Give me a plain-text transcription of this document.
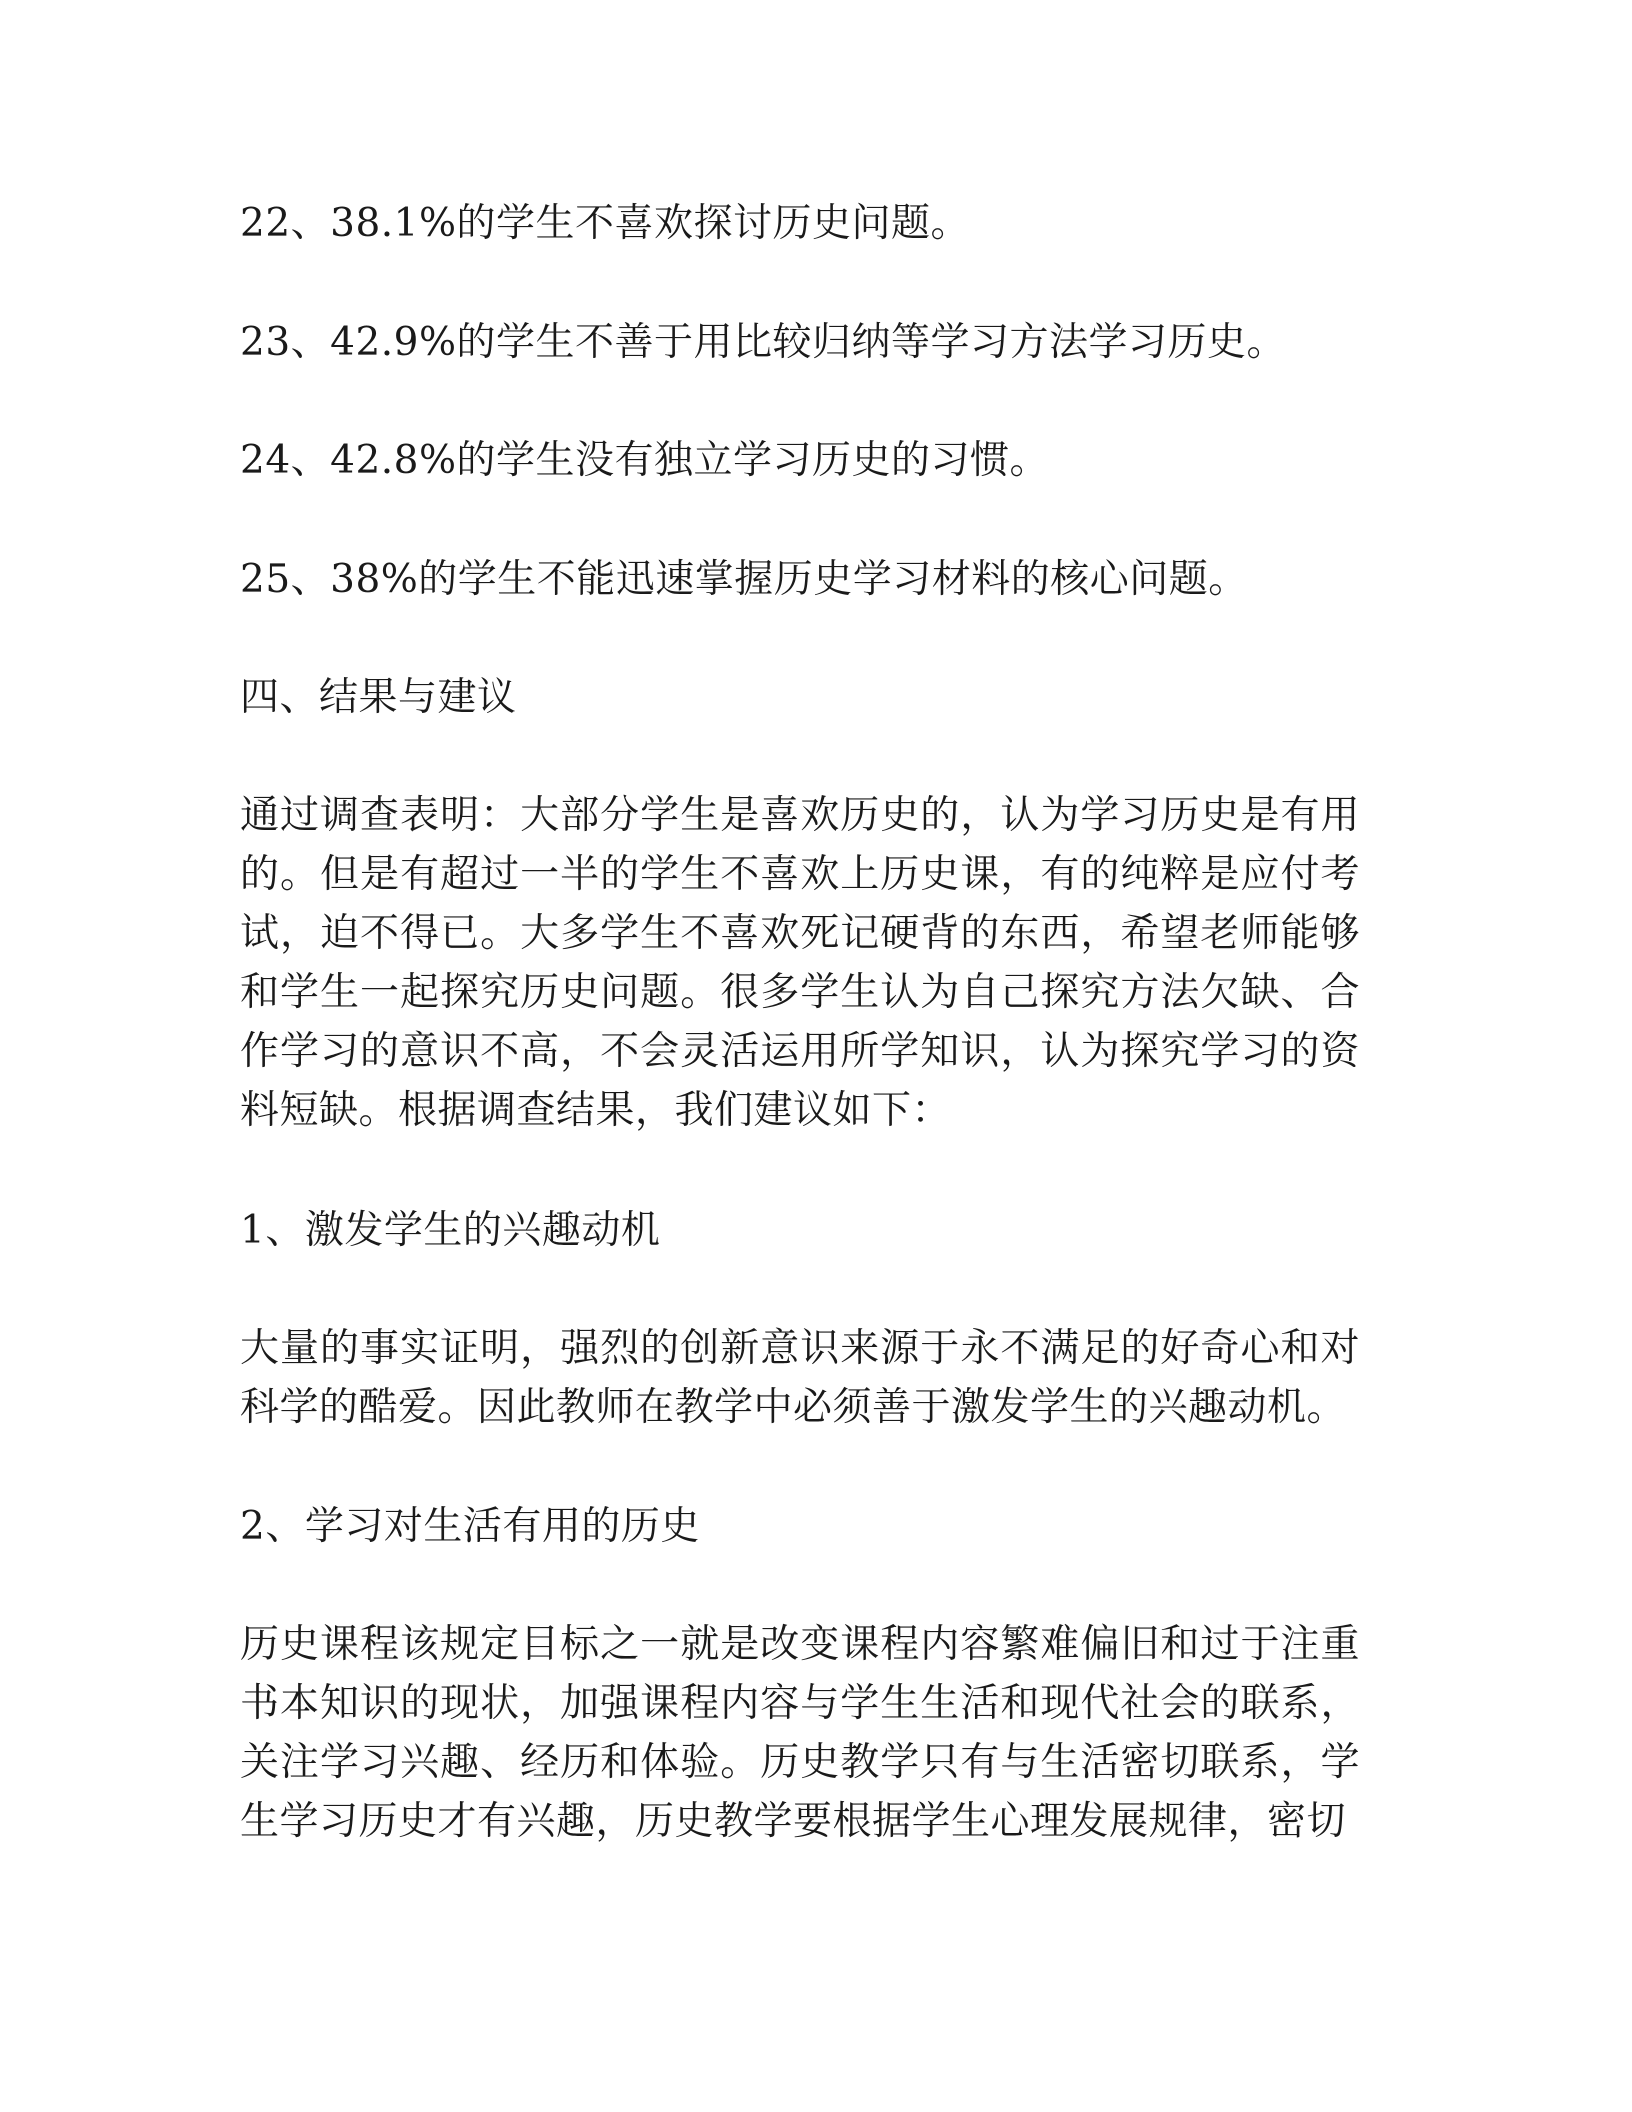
22、38.1%的学生不喜欢探讨历史问题。
23、42.9%的学生不善于用比较归纳等学习方法学习历史。
24、42.8%的学生没有独立学习历史的习惯。
25、38%的学生不能迅速掌握历史学习材料的核心问题。
四、结果与建议
通过调查表明：大部分学生是喜欢历史的，认为学习历史是有用的。但是有超过一半的学生不喜欢上历史课，有的纯粹是应付考试，迫不得已。大多学生不喜欢死记硬背的东西，希望老师能够和学生一起探究历史问题。很多学生认为自己探究方法欠缺、合作学习的意识不高，不会灵活运用所学知识，认为探究学习的资料短缺。根据调查结果，我们建议如下：
1、激发学生的兴趣动机
大量的事实证明，强烈的创新意识来源于永不满足的好奇心和对科学的酷爱。因此教师在教学中必须善于激发学生的兴趣动机。
2、学习对生活有用的历史
历史课程该规定目标之一就是改变课程内容繁难偏旧和过于注重书本知识的现状，加强课程内容与学生生活和现代社会的联系，关注学习兴趣、经历和体验。历史教学只有与生活密切联系，学生学习历史才有兴趣，历史教学要根据学生心理发展规律，密切
